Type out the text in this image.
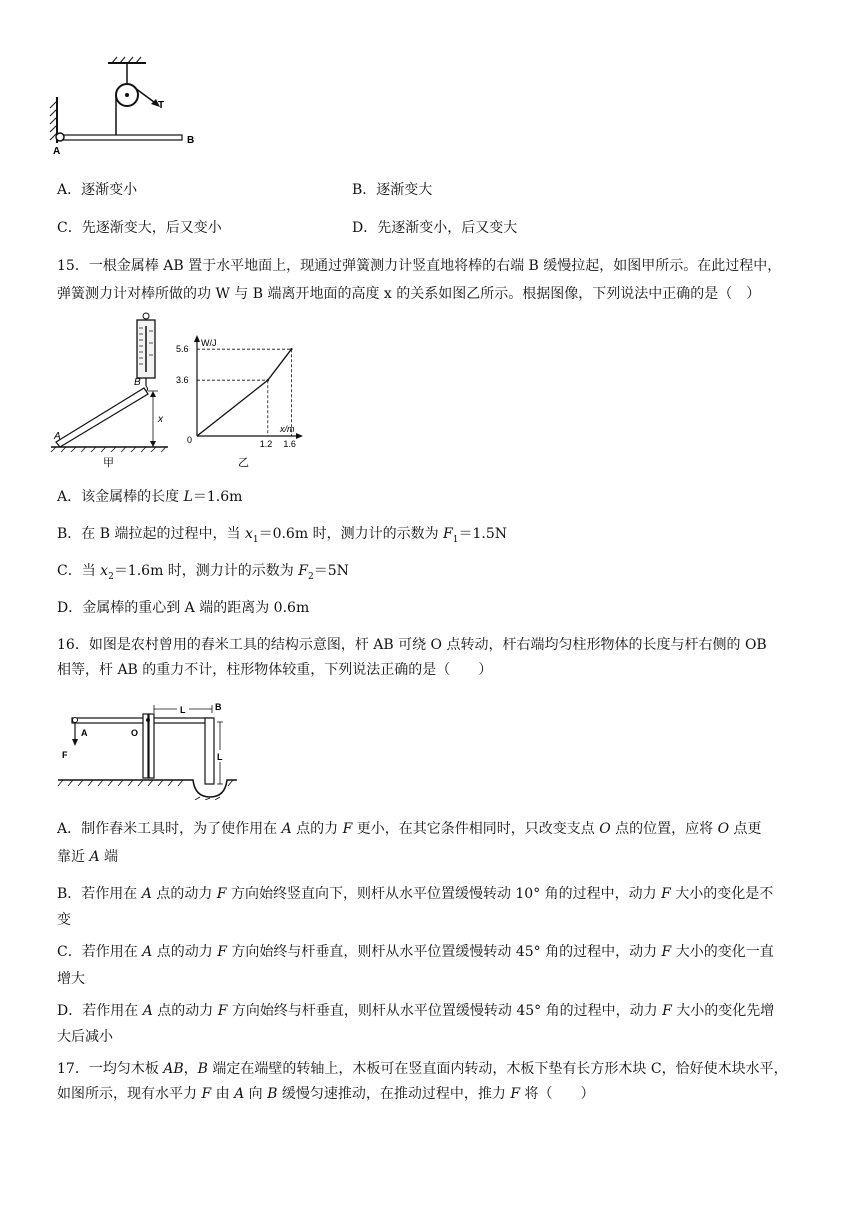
A
B
T
A．逐渐变小	B．逐渐变大
C．先逐渐变大，后又变小	D．先逐渐变小，后又变大
15．一根金属棒 AB 置于水平地面上，现通过弹簧测力计竖直地将棒的右端 B 缓慢拉起，如图甲所示。在此过程中，
弹簧测力计对棒所做的功 W 与 B 端离开地面的高度 x 的关系如图乙所示。根据图像，下列说法中正确的是（　）
A
B
x
甲
5.6
3.6
1.2 1.6
W/J
x/m
0
乙
A．该金属棒的长度 L＝1.6m
B．在 B 端拉起的过程中，当 $x_1=0.6m$ 时，测力计的示数为 $F_1=1.5N$
C．当 $x_2=1.6m$ 时，测力计的示数为 $F_2=5N$
D．金属棒的重心到 A 端的距离为 0.6m
16．如图是农村曾用的舂米工具的结构示意图，杆 AB 可绕 O 点转动，杆右端均匀柱形物体的长度与杆右侧的 OB
相等，杆 AB 的重力不计，柱形物体较重，下列说法正确的是（　　）
A	O
B
F
L
L
A．制作舂米工具时，为了使作用在 A 点的力 F 更小，在其它条件相同时，只改变支点 O 点的位置，应将 O 点更
靠近 A 端
B．若作用在 A 点的动力 F 方向始终竖直向下，则杆从水平位置缓慢转动 10° 角的过程中，动力 F 大小的变化是不
变
C．若作用在 A 点的动力 F 方向始终与杆垂直，则杆从水平位置缓慢转动 45° 角的过程中，动力 F 大小的变化一直
增大
D．若作用在 A 点的动力 F 方向始终与杆垂直，则杆从水平位置缓慢转动 45° 角的过程中，动力 F 大小的变化先增
大后减小
17．一均匀木板 AB，B 端定在端壁的转轴上，木板可在竖直面内转动，木板下垫有长方形木块 C，恰好使木块水平，
如图所示，现有水平力 F 由 A 向 B 缓慢匀速推动，在推动过程中，推力 F 将（　　）
